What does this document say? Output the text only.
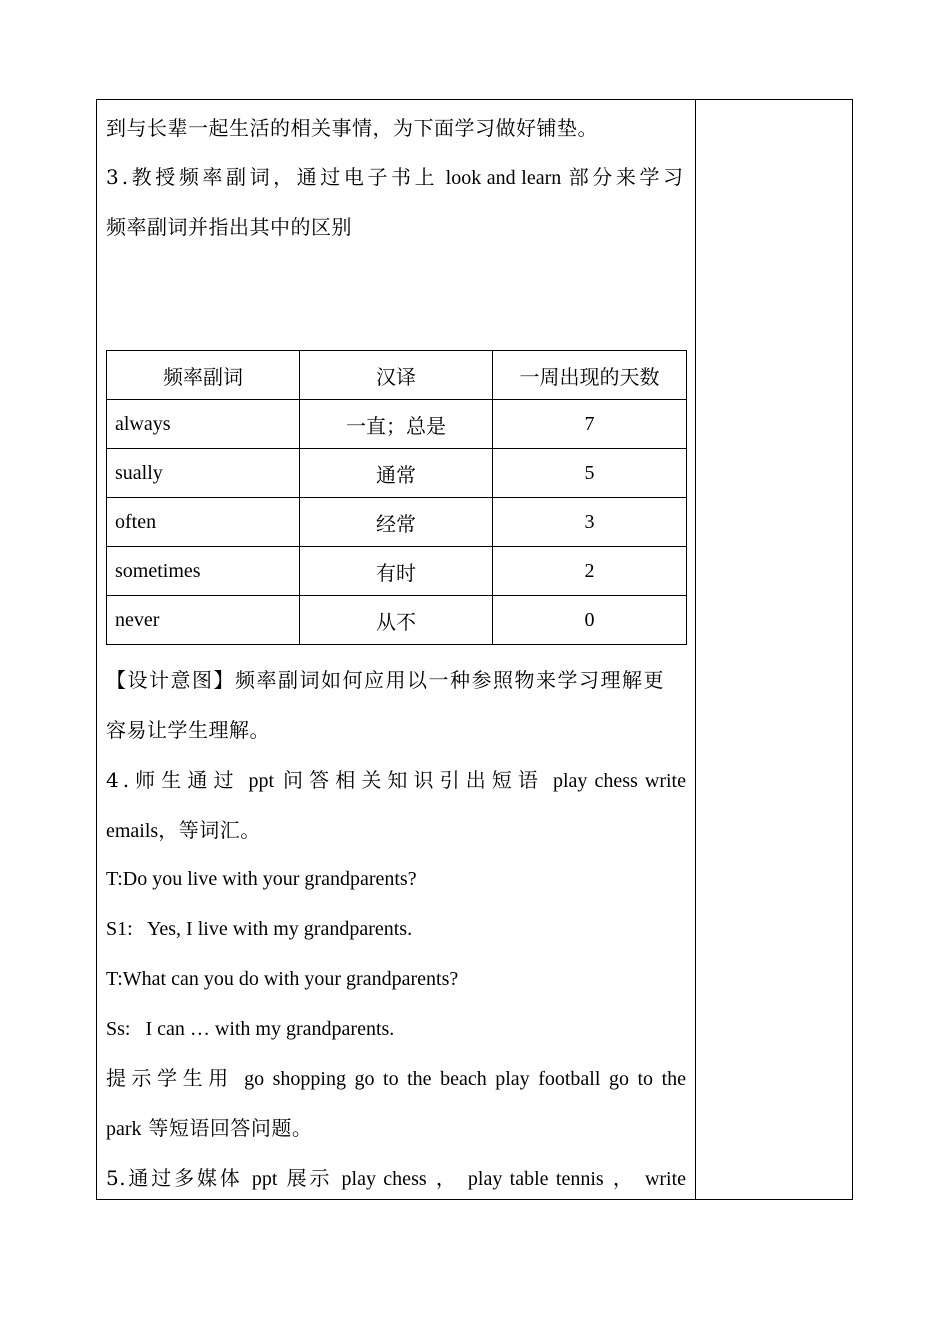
到与长辈一起生活的相关事情，为下面学习做好铺垫。
3.教授频率副词，通过电子书上 look and learn 部分来学习
频率副词并指出其中的区别
频率副词	汉译	一周出现的天数
always	一直；总是	7
sually	通常	5
often	经常	3
sometimes	有时	2
never	从不	0
【设计意图】频率副词如何应用以一种参照物来学习理解更
容易让学生理解。
4.师生通过 ppt 问答相关知识引出短语 play chess write
emails，等词汇。
T:Do you live with your grandparents?
S1:   Yes, I live with my grandparents.
T:What can you do with your grandparents?
Ss:   I can … with my grandparents.
提示学生用 go shopping go to the beach play football go to the
park 等短语回答问题。
5.通过多媒体 ppt 展示 play chess ， play table tennis ， write
